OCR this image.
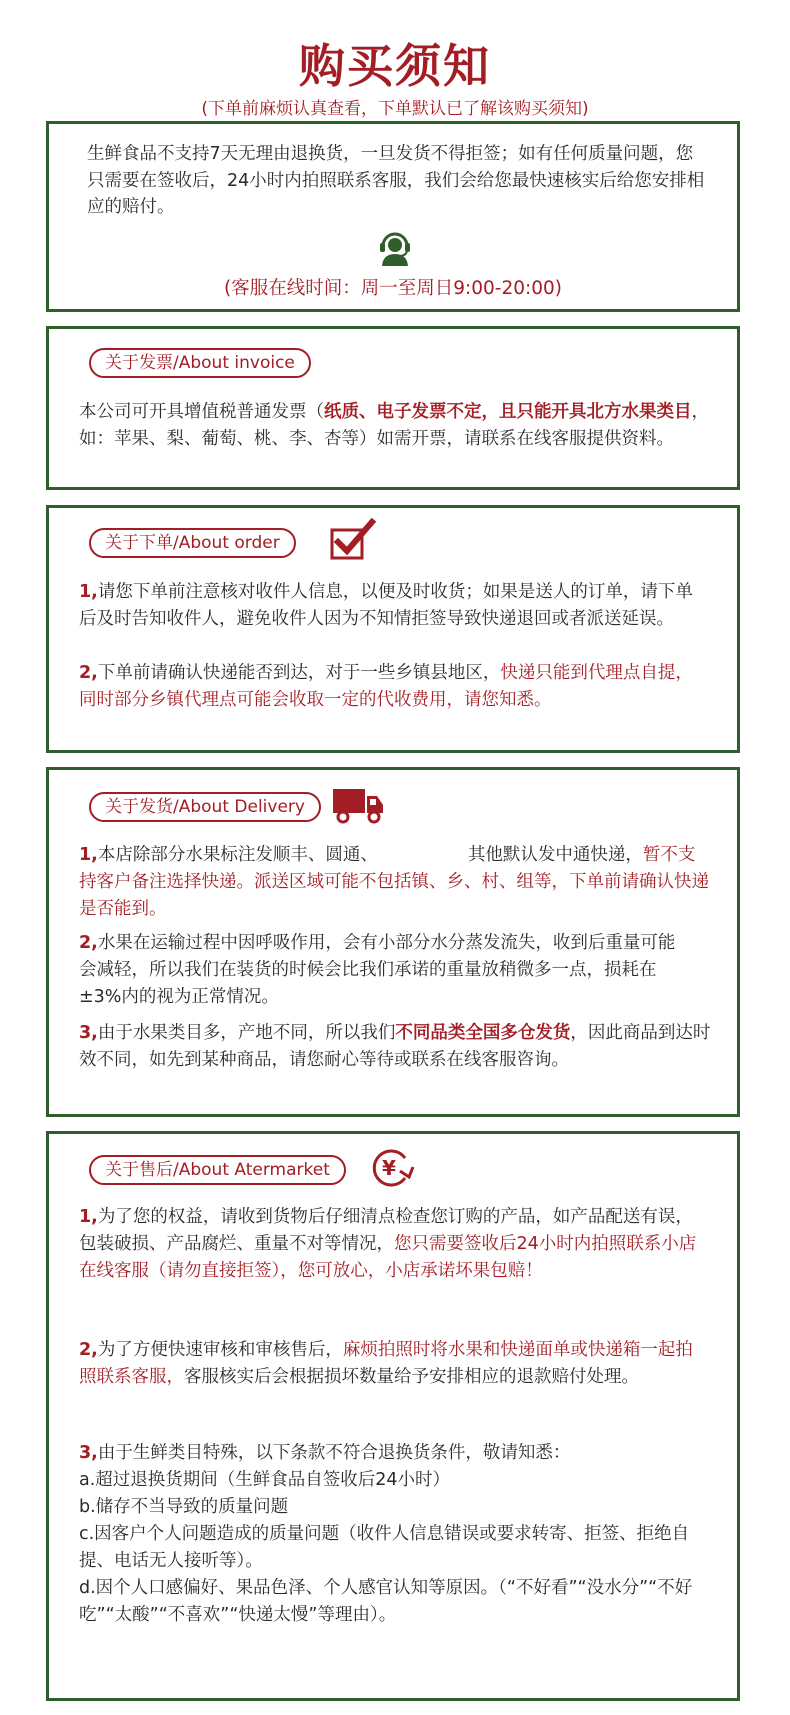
购买须知
(下单前麻烦认真查看，下单默认已了解该购买须知)
生鲜食品不支持7天无理由退换货，一旦发货不得拒签；如有任何质量问题，您只需要在签收后，24小时内拍照联系客服，我们会给您最快速核实后给您安排相应的赔付。
(客服在线时间：周一至周日9:00-20:00)
关于发票/About invoice
本公司可开具增值税普通发票（纸质、电子发票不定，且只能开具北方水果类目，如：苹果、梨、葡萄、桃、李、杏等）如需开票，请联系在线客服提供资料。
关于下单/About order
1,请您下单前注意核对收件人信息，以便及时收货；如果是送人的订单，请下单后及时告知收件人，避免收件人因为不知情拒签导致快递退回或者派送延误。
2,下单前请确认快递能否到达，对于一些乡镇县地区，快递只能到代理点自提，同时部分乡镇代理点可能会收取一定的代收费用，请您知悉。
关于发货/About Delivery
1,本店除部分水果标注发顺丰、圆通、	其他默认发中通快递，暂不支持客户备注选择快递。派送区域可能不包括镇、乡、村、组等，下单前请确认快递是否能到。
2,水果在运输过程中因呼吸作用，会有小部分水分蒸发流失，收到后重量可能会减轻，所以我们在装货的时候会比我们承诺的重量放稍微多一点，损耗在±3%内的视为正常情况。
3,由于水果类目多，产地不同，所以我们不同品类全国多仓发货，因此商品到达时效不同，如先到某种商品，请您耐心等待或联系在线客服咨询。
关于售后/About Atermarket	¥
1,为了您的权益，请收到货物后仔细清点检查您订购的产品，如产品配送有误，包装破损、产品腐烂、重量不对等情况，您只需要签收后24小时内拍照联系小店在线客服（请勿直接拒签），您可放心，小店承诺坏果包赔！
2,为了方便快速审核和审核售后，麻烦拍照时将水果和快递面单或快递箱一起拍照联系客服，客服核实后会根据损坏数量给予安排相应的退款赔付处理。
3,由于生鲜类目特殊，以下条款不符合退换货条件，敬请知悉：
a.超过退换货期间（生鲜食品自签收后24小时）
b.储存不当导致的质量问题
c.因客户个人问题造成的质量问题（收件人信息错误或要求转寄、拒签、拒绝自提、电话无人接听等）。
d.因个人口感偏好、果品色泽、个人感官认知等原因。（“不好看”“没水分”“不好吃”“太酸”“不喜欢”“快递太慢”等理由）。
